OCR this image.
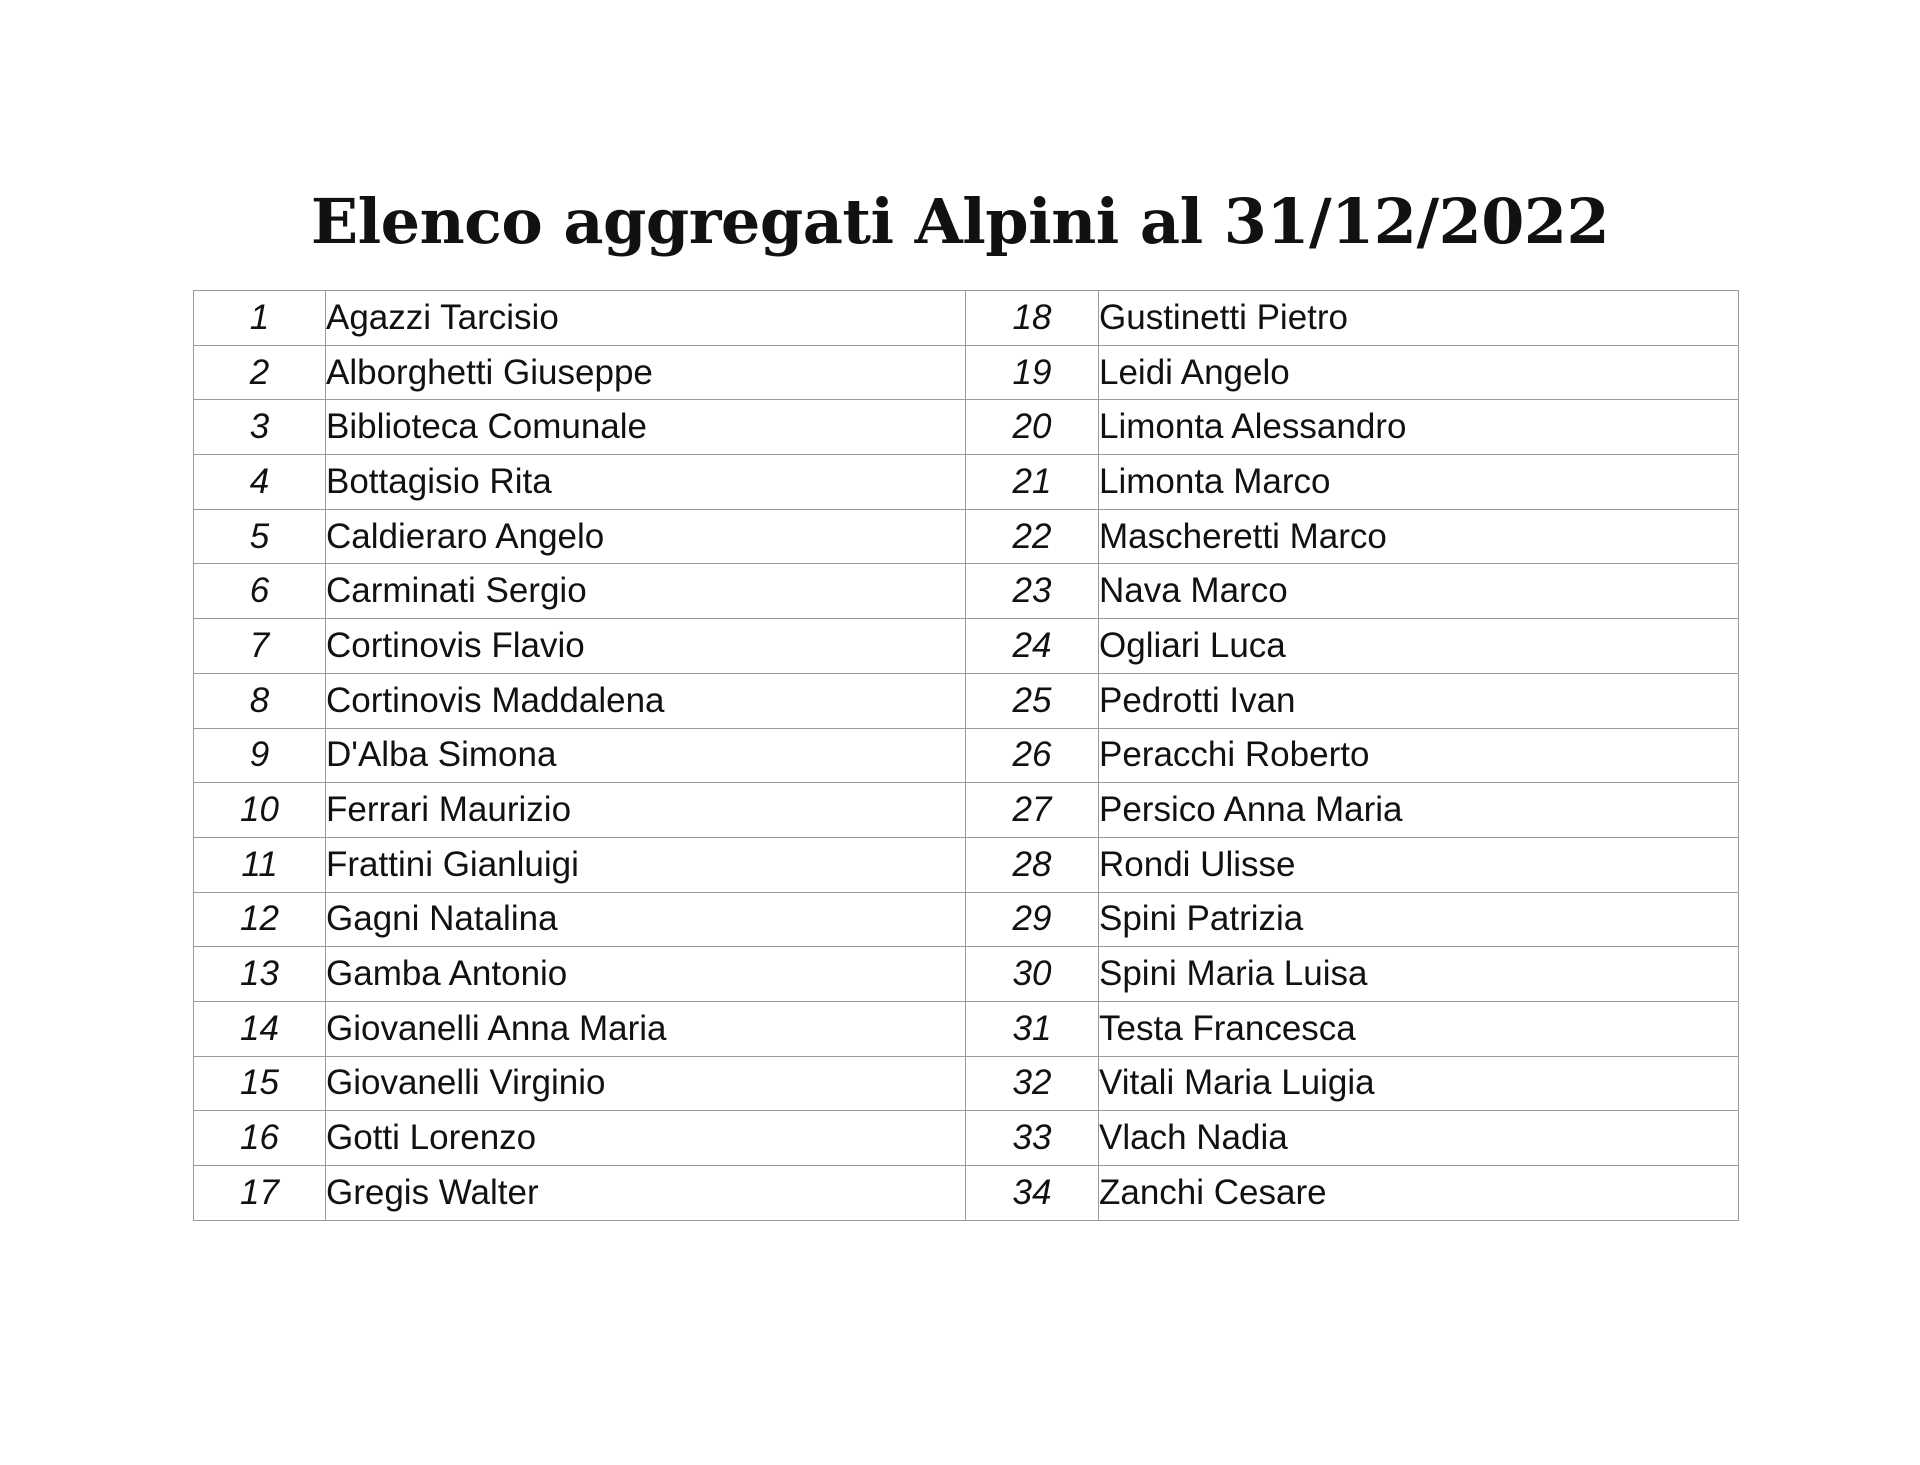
Elenco aggregati Alpini al 31/12/2022
1	Agazzi Tarcisio	18	Gustinetti Pietro
2	Alborghetti Giuseppe	19	Leidi Angelo
3	Biblioteca Comunale	20	Limonta Alessandro
4	Bottagisio Rita	21	Limonta Marco
5	Caldieraro Angelo	22	Mascheretti Marco
6	Carminati Sergio	23	Nava Marco
7	Cortinovis Flavio	24	Ogliari Luca
8	Cortinovis Maddalena	25	Pedrotti Ivan
9	D'Alba Simona	26	Peracchi Roberto
10	Ferrari Maurizio	27	Persico Anna Maria
11	Frattini Gianluigi	28	Rondi Ulisse
12	Gagni Natalina	29	Spini Patrizia
13	Gamba Antonio	30	Spini Maria Luisa
14	Giovanelli Anna Maria	31	Testa Francesca
15	Giovanelli Virginio	32	Vitali Maria Luigia
16	Gotti Lorenzo	33	Vlach Nadia
17	Gregis Walter	34	Zanchi Cesare
